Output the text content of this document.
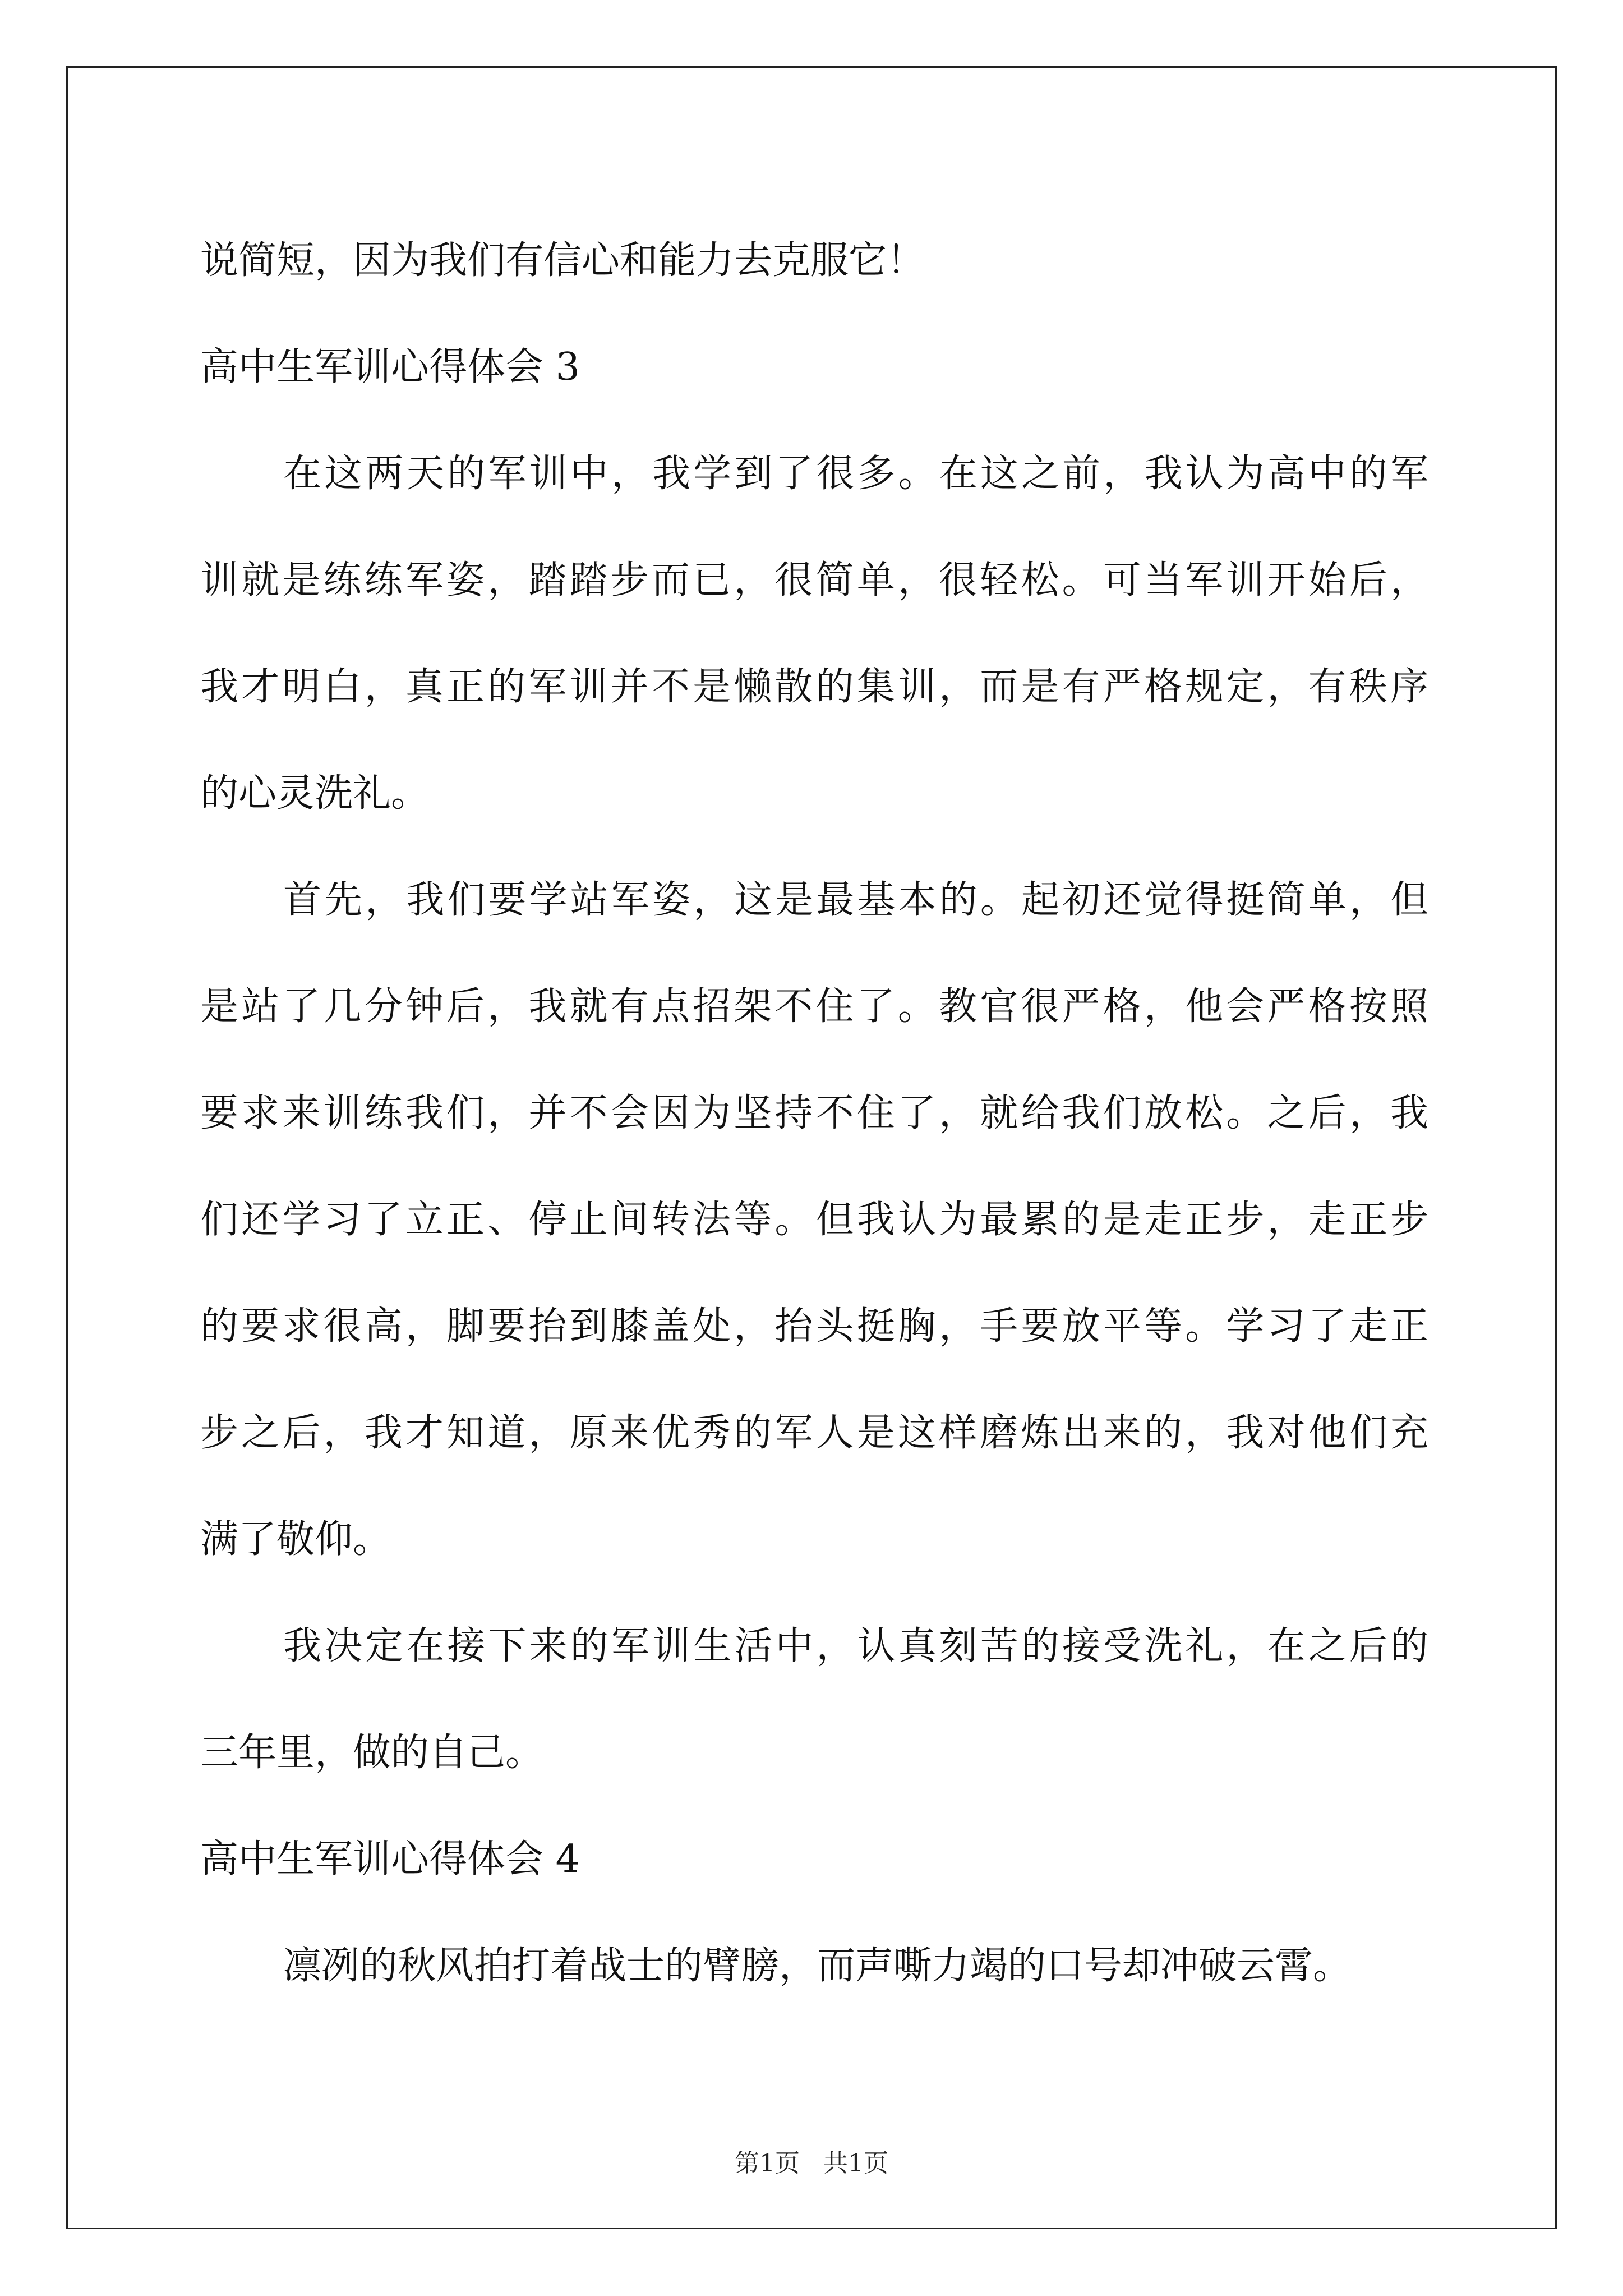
说简短，因为我们有信心和能力去克服它！
高中生军训心得体会 3
在这两天的军训中，我学到了很多。在这之前，我认为高中的军
训就是练练军姿，踏踏步而已，很简单，很轻松。可当军训开始后，
我才明白，真正的军训并不是懒散的集训，而是有严格规定，有秩序
的心灵洗礼。
首先，我们要学站军姿，这是最基本的。起初还觉得挺简单，但
是站了几分钟后，我就有点招架不住了。教官很严格，他会严格按照
要求来训练我们，并不会因为坚持不住了，就给我们放松。之后，我
们还学习了立正、停止间转法等。但我认为最累的是走正步，走正步
的要求很高，脚要抬到膝盖处，抬头挺胸，手要放平等。学习了走正
步之后，我才知道，原来优秀的军人是这样磨炼出来的，我对他们充
满了敬仰。
我决定在接下来的军训生活中，认真刻苦的接受洗礼，在之后的
三年里，做的自己。
高中生军训心得体会 4
凛冽的秋风拍打着战士的臂膀，而声嘶力竭的口号却冲破云霄。
第1页 共1页
